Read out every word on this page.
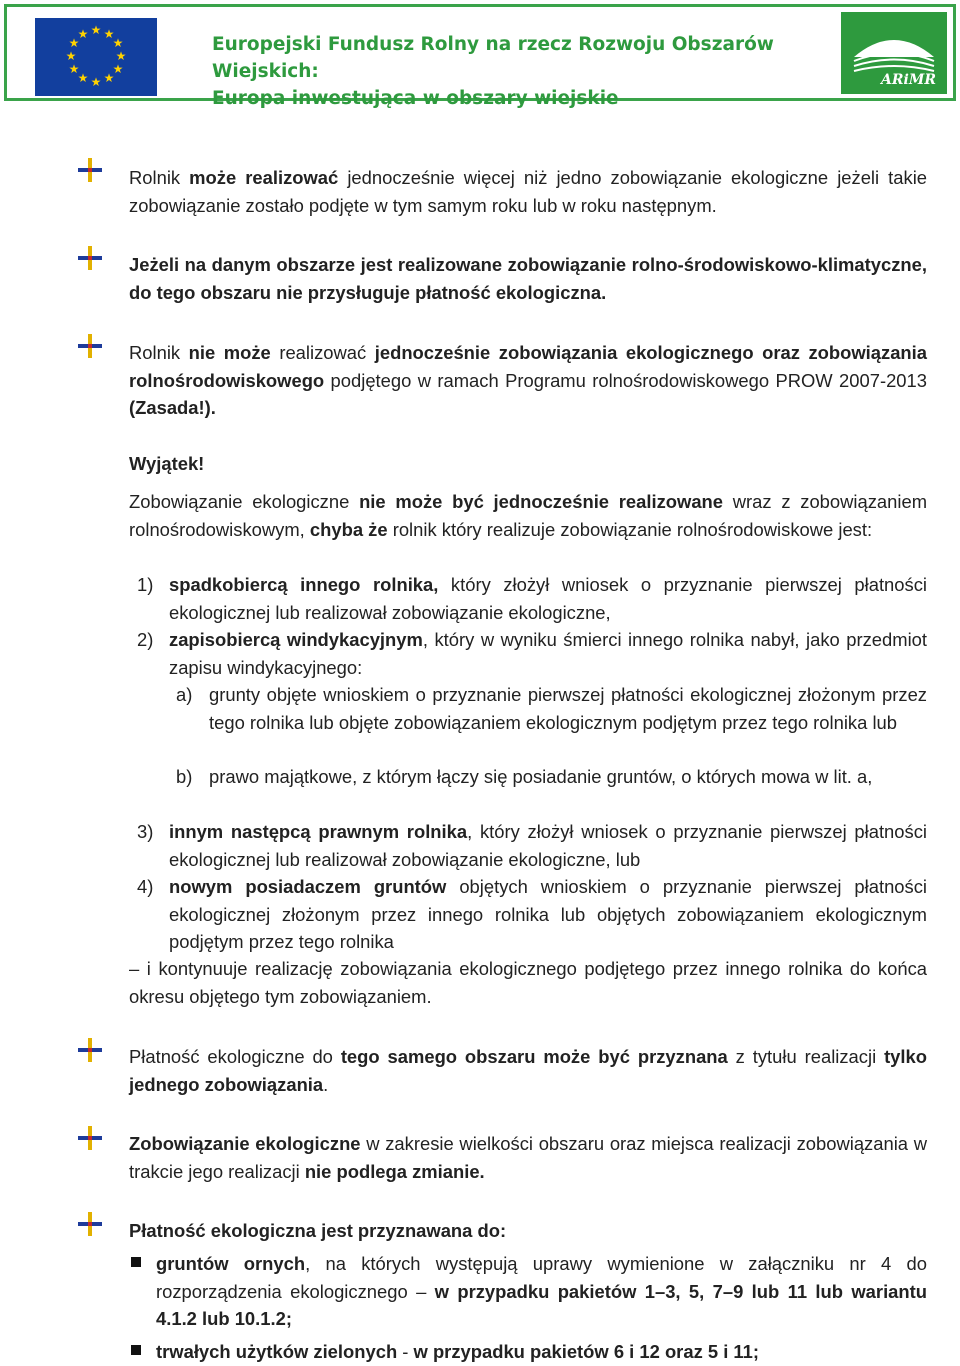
★ ★
★
★
★
★
★
★
★
★
★
★	Europejski Fundusz Rolny na rzecz Rozwoju Obszarów Wiejskich:
Europa inwestująca w obszary wiejskie
ARiMR
Rolnik może realizować jednocześnie więcej niż jedno zobowiązanie ekologiczne jeżeli takie zobowiązanie zostało podjęte w tym samym roku lub w roku następnym.
Jeżeli na danym obszarze jest realizowane zobowiązanie rolno-środowiskowo-klimatyczne, do tego obszaru nie przysługuje płatność ekologiczna.
Rolnik nie może realizować jednocześnie zobowiązania ekologicznego oraz zobowiązania rolnośrodowiskowego podjętego w ramach Programu rolnośrodowiskowego PROW 2007-2013 (Zasada!).
Wyjątek!
Zobowiązanie ekologiczne nie może być jednocześnie realizowane wraz z zobowiązaniem rolnośrodowiskowym, chyba że rolnik który realizuje zobowiązanie rolnośrodowiskowe jest:
1) spadkobiercą innego rolnika, który złożył wniosek o przyznanie pierwszej płatności ekologicznej lub realizował zobowiązanie ekologiczne,
2) zapisobiercą windykacyjnym, który w wyniku śmierci innego rolnika nabył, jako przedmiot zapisu windykacyjnego:
a) grunty objęte wnioskiem o przyznanie pierwszej płatności ekologicznej złożonym przez tego rolnika lub objęte zobowiązaniem ekologicznym podjętym przez tego rolnika lub
b) prawo majątkowe, z którym łączy się posiadanie gruntów, o których mowa w lit. a,
3) innym następcą prawnym rolnika, który złożył wniosek o przyznanie pierwszej płatności ekologicznej lub realizował zobowiązanie ekologiczne, lub
4) nowym posiadaczem gruntów objętych wnioskiem o przyznanie pierwszej płatności ekologicznej złożonym przez innego rolnika lub objętych zobowiązaniem ekologicznym podjętym przez tego rolnika
– i kontynuuje realizację zobowiązania ekologicznego podjętego przez innego rolnika do końca okresu objętego tym zobowiązaniem.
Płatność ekologiczne do tego samego obszaru może być przyznana z tytułu realizacji tylko jednego zobowiązania.
Zobowiązanie ekologiczne w zakresie wielkości obszaru oraz miejsca realizacji zobowiązania w trakcie jego realizacji nie podlega zmianie.
Płatność ekologiczna jest przyznawana do:
gruntów ornych, na których występują uprawy wymienione w załączniku nr 4 do rozporządzenia ekologicznego – w przypadku pakietów 1–3, 5, 7–9 lub 11 lub wariantu 4.1.2 lub 10.1.2;
trwałych użytków zielonych - w przypadku pakietów 6 i 12 oraz 5 i 11;
